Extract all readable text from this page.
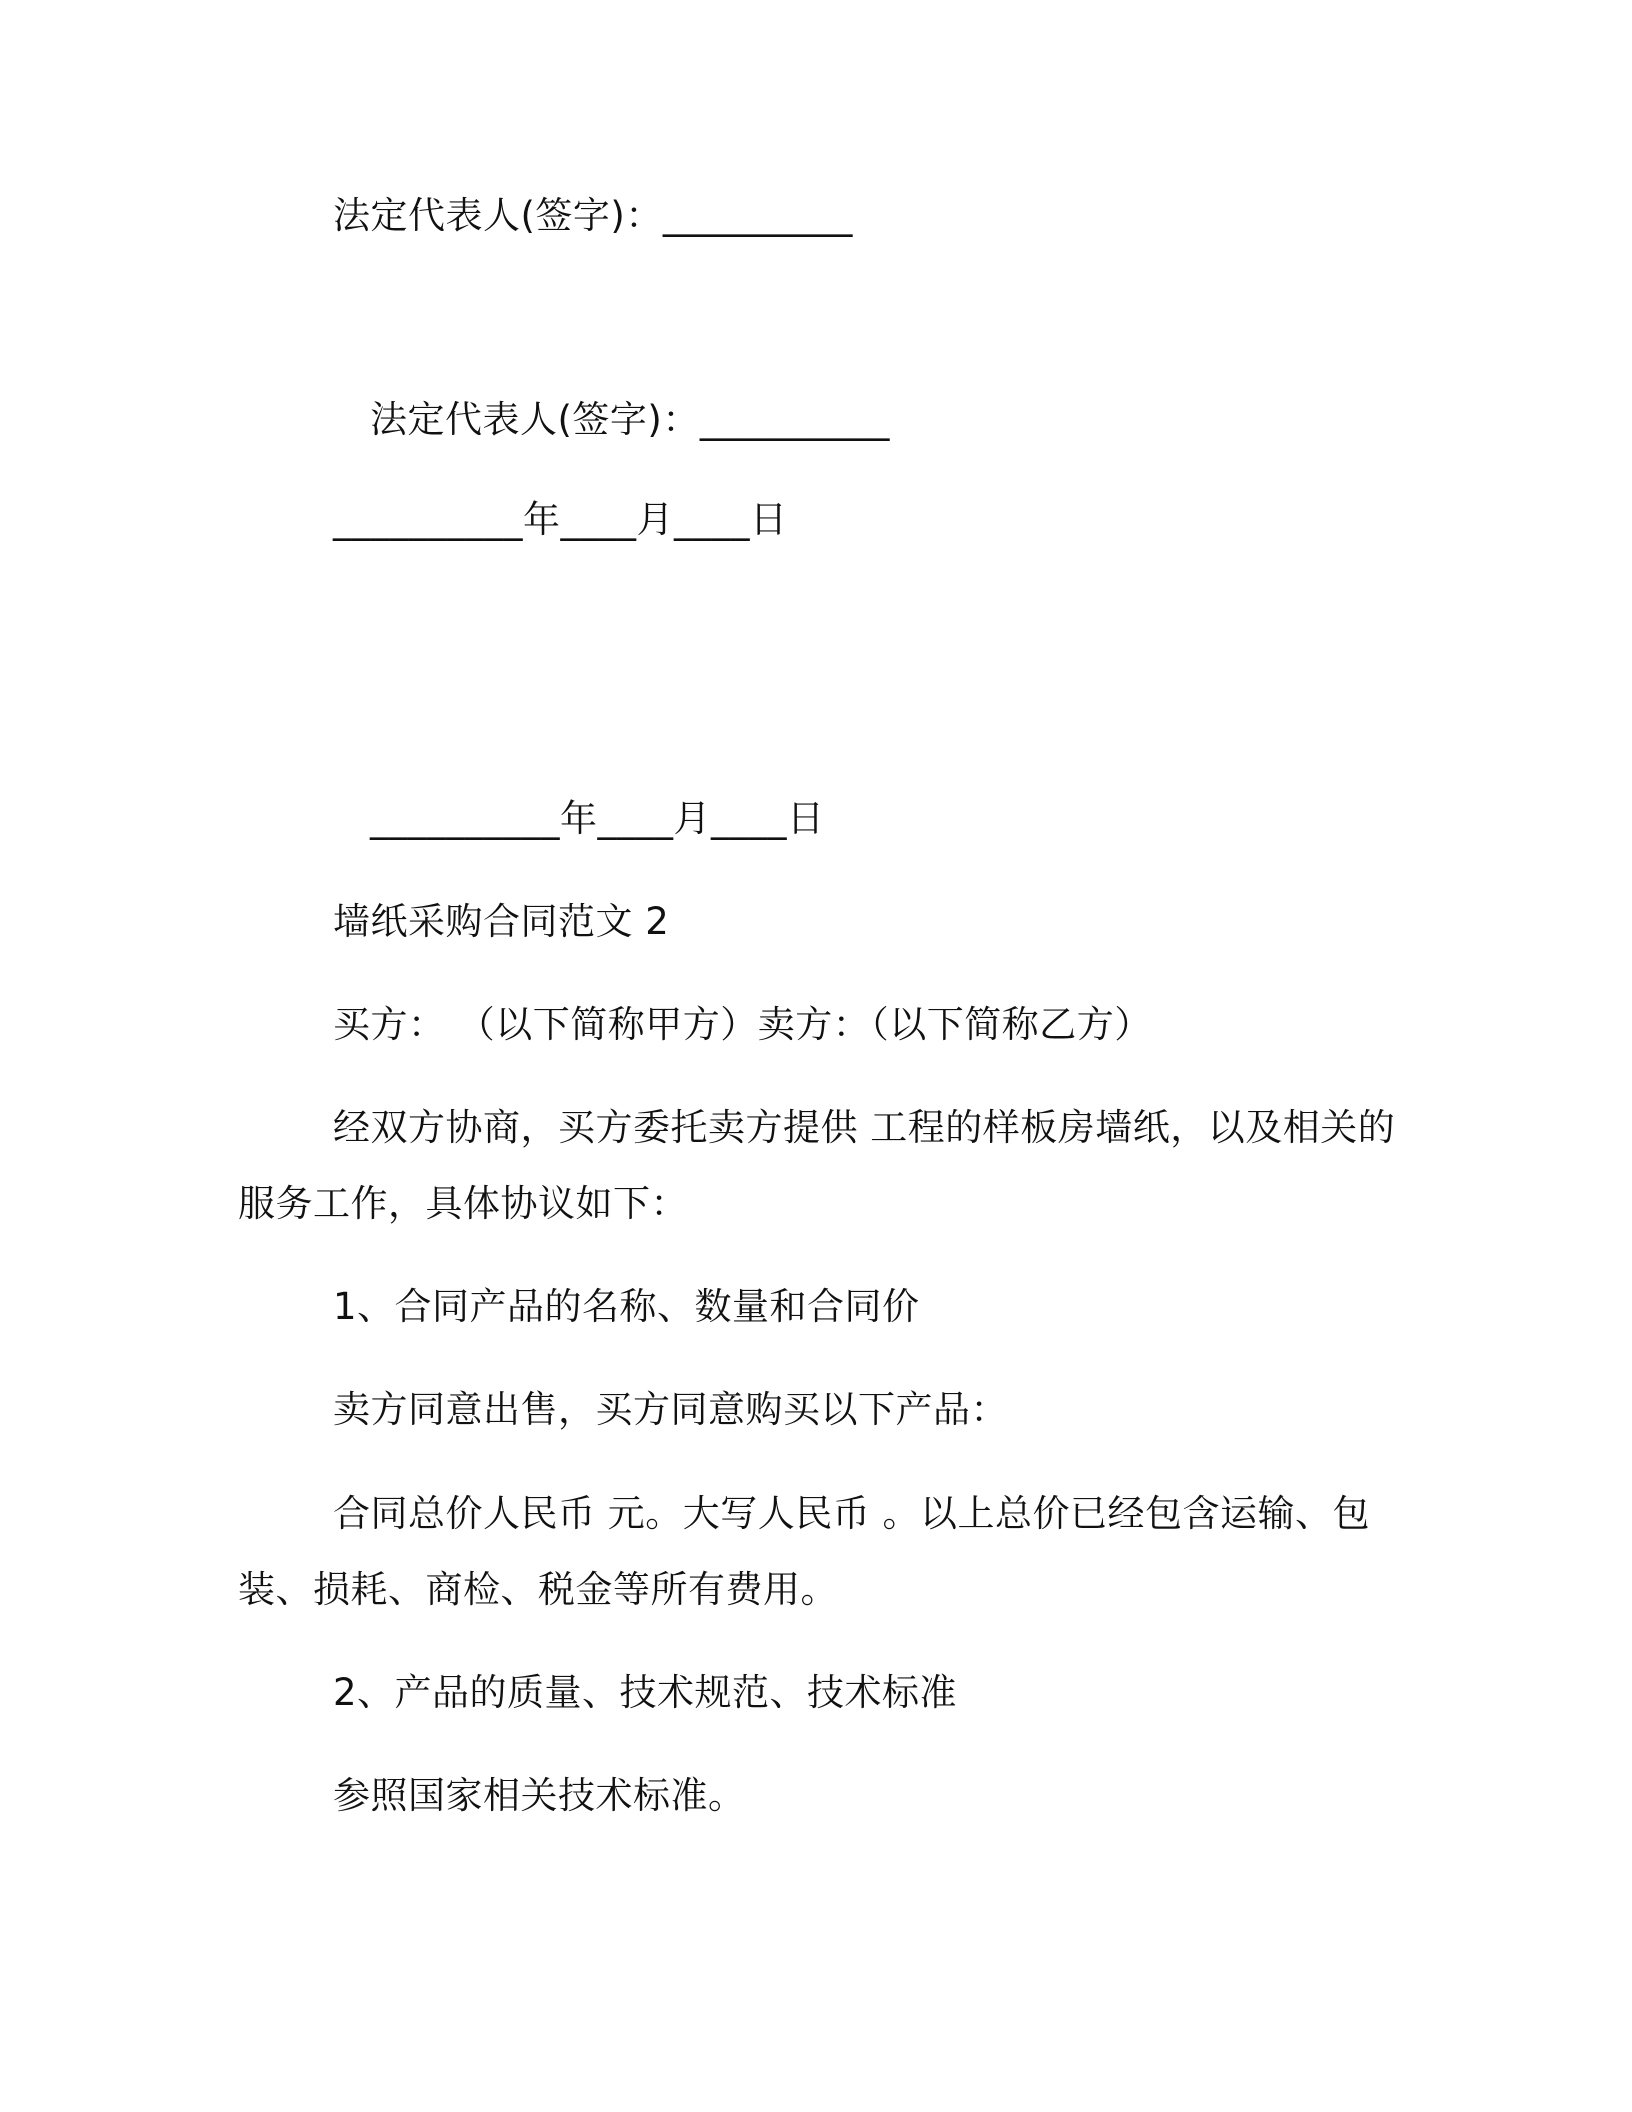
法定代表人(签字)：__________
法定代表人(签字)：__________
__________年____月____日
__________年____月____日
墙纸采购合同范文 2
买方： （以下简称甲方）卖方：（以下简称乙方）
经双方协商，买方委托卖方提供 工程的样板房墙纸，以及相关的
服务工作，具体协议如下：
1、合同产品的名称、数量和合同价
卖方同意出售，买方同意购买以下产品：
合同总价人民币 元。大写人民币 。以上总价已经包含运输、包
装、损耗、商检、税金等所有费用。
2、产品的质量、技术规范、技术标准
参照国家相关技术标准。
